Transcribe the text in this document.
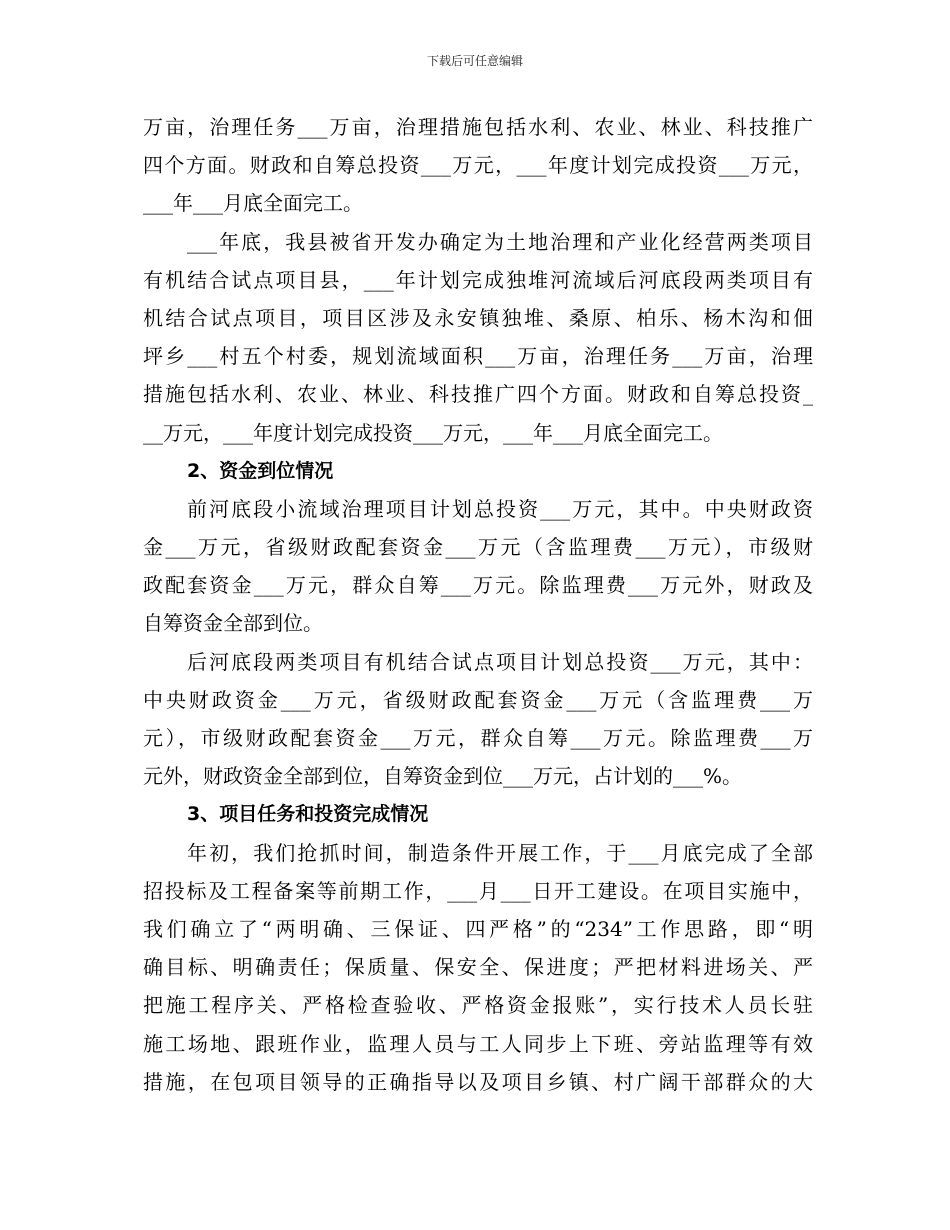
下载后可任意编辑
万亩，治理任务___万亩，治理措施包括水利、农业、林业、科技推广
四个方面。财政和自筹总投资___万元，___年度计划完成投资___万元，
___年___月底全面完工。
___年底，我县被省开发办确定为土地治理和产业化经营两类项目
有机结合试点项目县，___年计划完成独堆河流域后河底段两类项目有
机结合试点项目，项目区涉及永安镇独堆、桑原、柏乐、杨木沟和佃
坪乡___村五个村委，规划流域面积___万亩，治理任务___万亩，治理
措施包括水利、农业、林业、科技推广四个方面。财政和自筹总投资_
__万元，___年度计划完成投资___万元，___年___月底全面完工。
2、资金到位情况
前河底段小流域治理项目计划总投资___万元，其中。中央财政资
金___万元，省级财政配套资金___万元（含监理费___万元），市级财
政配套资金___万元，群众自筹___万元。除监理费___万元外，财政及
自筹资金全部到位。
后河底段两类项目有机结合试点项目计划总投资___万元，其中：
中央财政资金___万元，省级财政配套资金___万元（含监理费___万
元），市级财政配套资金___万元，群众自筹___万元。除监理费___万
元外，财政资金全部到位，自筹资金到位___万元，占计划的___%。
3、项目任务和投资完成情况
年初，我们抢抓时间，制造条件开展工作，于___月底完成了全部
招投标及工程备案等前期工作，___月___日开工建设。在项目实施中，
我们确立了“两明确、三保证、四严格”的“234”工作思路，即“明
确目标、明确责任；保质量、保安全、保进度；严把材料进场关、严
把施工程序关、严格检查验收、严格资金报账”，实行技术人员长驻
施工场地、跟班作业，监理人员与工人同步上下班、旁站监理等有效
措施，在包项目领导的正确指导以及项目乡镇、村广阔干部群众的大
